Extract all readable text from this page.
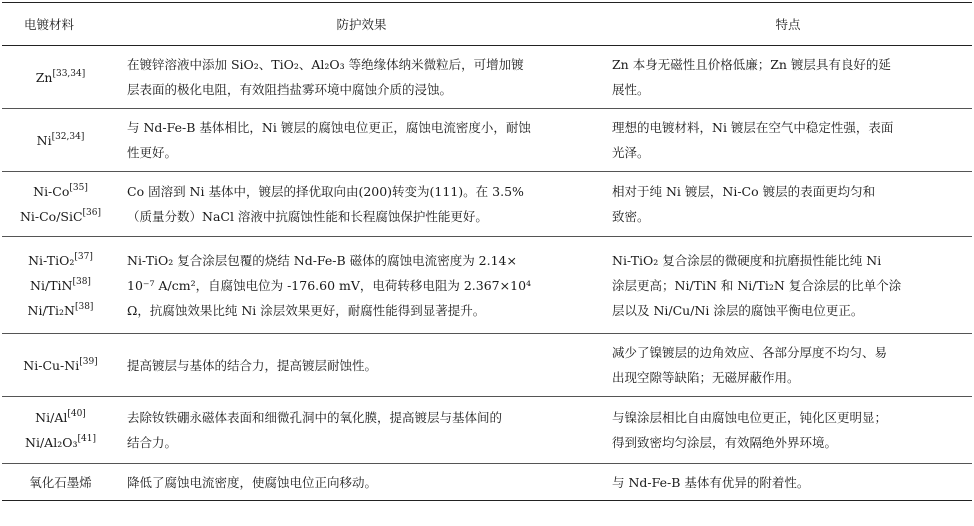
电镀材料	防护效果	特点
Zn[33,34]	在镀锌溶液中添加 SiO₂、TiO₂、Al₂O₃ 等绝缘体纳米微粒后，可增加镀
层表面的极化电阻，有效阻挡盐雾环境中腐蚀介质的浸蚀。	Zn 本身无磁性且价格低廉；Zn 镀层具有良好的延
展性。

Ni[32,34]	与 Nd-Fe-B 基体相比，Ni 镀层的腐蚀电位更正，腐蚀电流密度小，耐蚀
性更好。	理想的电镀材料，Ni 镀层在空气中稳定性强，表面
光泽。

Ni-Co[35]
Ni-Co/SiC[36]	Co 固溶到 Ni 基体中，镀层的择优取向由(200)转变为(111)。在 3.5%
（质量分数）NaCl 溶液中抗腐蚀性能和长程腐蚀保护性能更好。	相对于纯 Ni 镀层，Ni-Co 镀层的表面更均匀和
致密。

Ni-TiO₂[37]
Ni/TiN[38]
Ni/Ti₂N[38]	Ni-TiO₂ 复合涂层包覆的烧结 Nd-Fe-B 磁体的腐蚀电流密度为 2.14×
10⁻⁷ A/cm²，自腐蚀电位为 -176.60 mV，电荷转移电阻为 2.367×10⁴
Ω，抗腐蚀效果比纯 Ni 涂层效果更好，耐腐性能得到显著提升。	Ni-TiO₂ 复合涂层的微硬度和抗磨损性能比纯 Ni
涂层更高；Ni/TiN 和 Ni/Ti₂N 复合涂层的比单个涂
层以及 Ni/Cu/Ni 涂层的腐蚀平衡电位更正。

Ni-Cu-Ni[39]	提高镀层与基体的结合力，提高镀层耐蚀性。	减少了镍镀层的边角效应、各部分厚度不均匀、易
出现空隙等缺陷；无磁屏蔽作用。

Ni/Al[40]
Ni/Al₂O₃[41]	去除钕铁硼永磁体表面和细微孔洞中的氧化膜，提高镀层与基体间的
结合力。	与镍涂层相比自由腐蚀电位更正，钝化区更明显；
得到致密均匀涂层，有效隔绝外界环境。

氧化石墨烯	降低了腐蚀电流密度，使腐蚀电位正向移动。	与 Nd-Fe-B 基体有优异的附着性。
